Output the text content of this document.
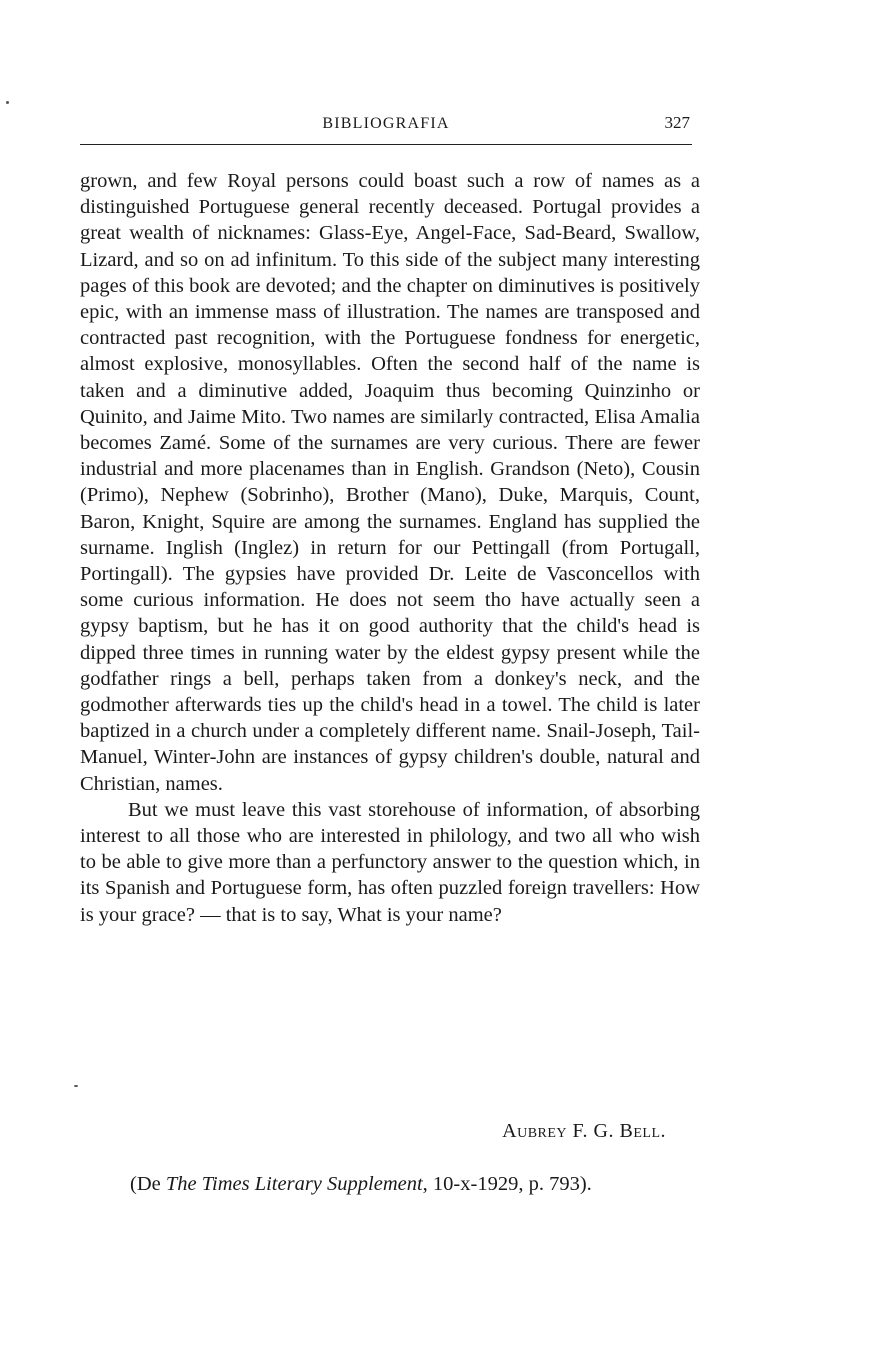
BIBLIOGRAFIA	327

grown, and few Royal persons could boast such a row of names as a distinguished Portuguese general recently deceased. Portugal provides a great wealth of nicknames: Glass-Eye, Angel-Face, Sad-Beard, Swallow, Lizard, and so on ad infinitum. To this side of the subject many interesting pages of this book are devoted; and the chapter on diminutives is positively epic, with an immense mass of illustration. The names are transposed and contracted past recognition, with the Portuguese fondness for energetic, almost explosive, monosyllables. Often the second half of the name is taken and a diminutive added, Joaquim thus becoming Quinzinho or Quinito, and Jaime Mito. Two names are similarly contracted, Elisa Amalia becomes Zamé. Some of the surnames are very curious. There are fewer industrial and more placenames than in English. Grandson (Neto), Cousin (Primo), Nephew (Sobrinho), Brother (Mano), Duke, Marquis, Count, Baron, Knight, Squire are among the surnames. England has supplied the surname. Inglish (Inglez) in return for our Pettingall (from Portugall, Portingall). The gypsies have provided Dr. Leite de Vasconcellos with some curious information. He does not seem tho have actually seen a gypsy baptism, but he has it on good authority that the child's head is dipped three times in running water by the eldest gypsy present while the godfather rings a bell, perhaps taken from a donkey's neck, and the godmother afterwards ties up the child's head in a towel. The child is later baptized in a church under a completely different name. Snail-Joseph, Tail-Manuel, Winter-John are instances of gypsy children's double, natural and Christian, names.

But we must leave this vast storehouse of information, of absorbing interest to all those who are interested in philology, and two all who wish to be able to give more than a perfunctory answer to the question which, in its Spanish and Portuguese form, has often puzzled foreign travellers: How is your grace? — that is to say, What is your name?

Aubrey F. G. Bell.
(De The Times Literary Supplement, 10-x-1929, p. 793).
